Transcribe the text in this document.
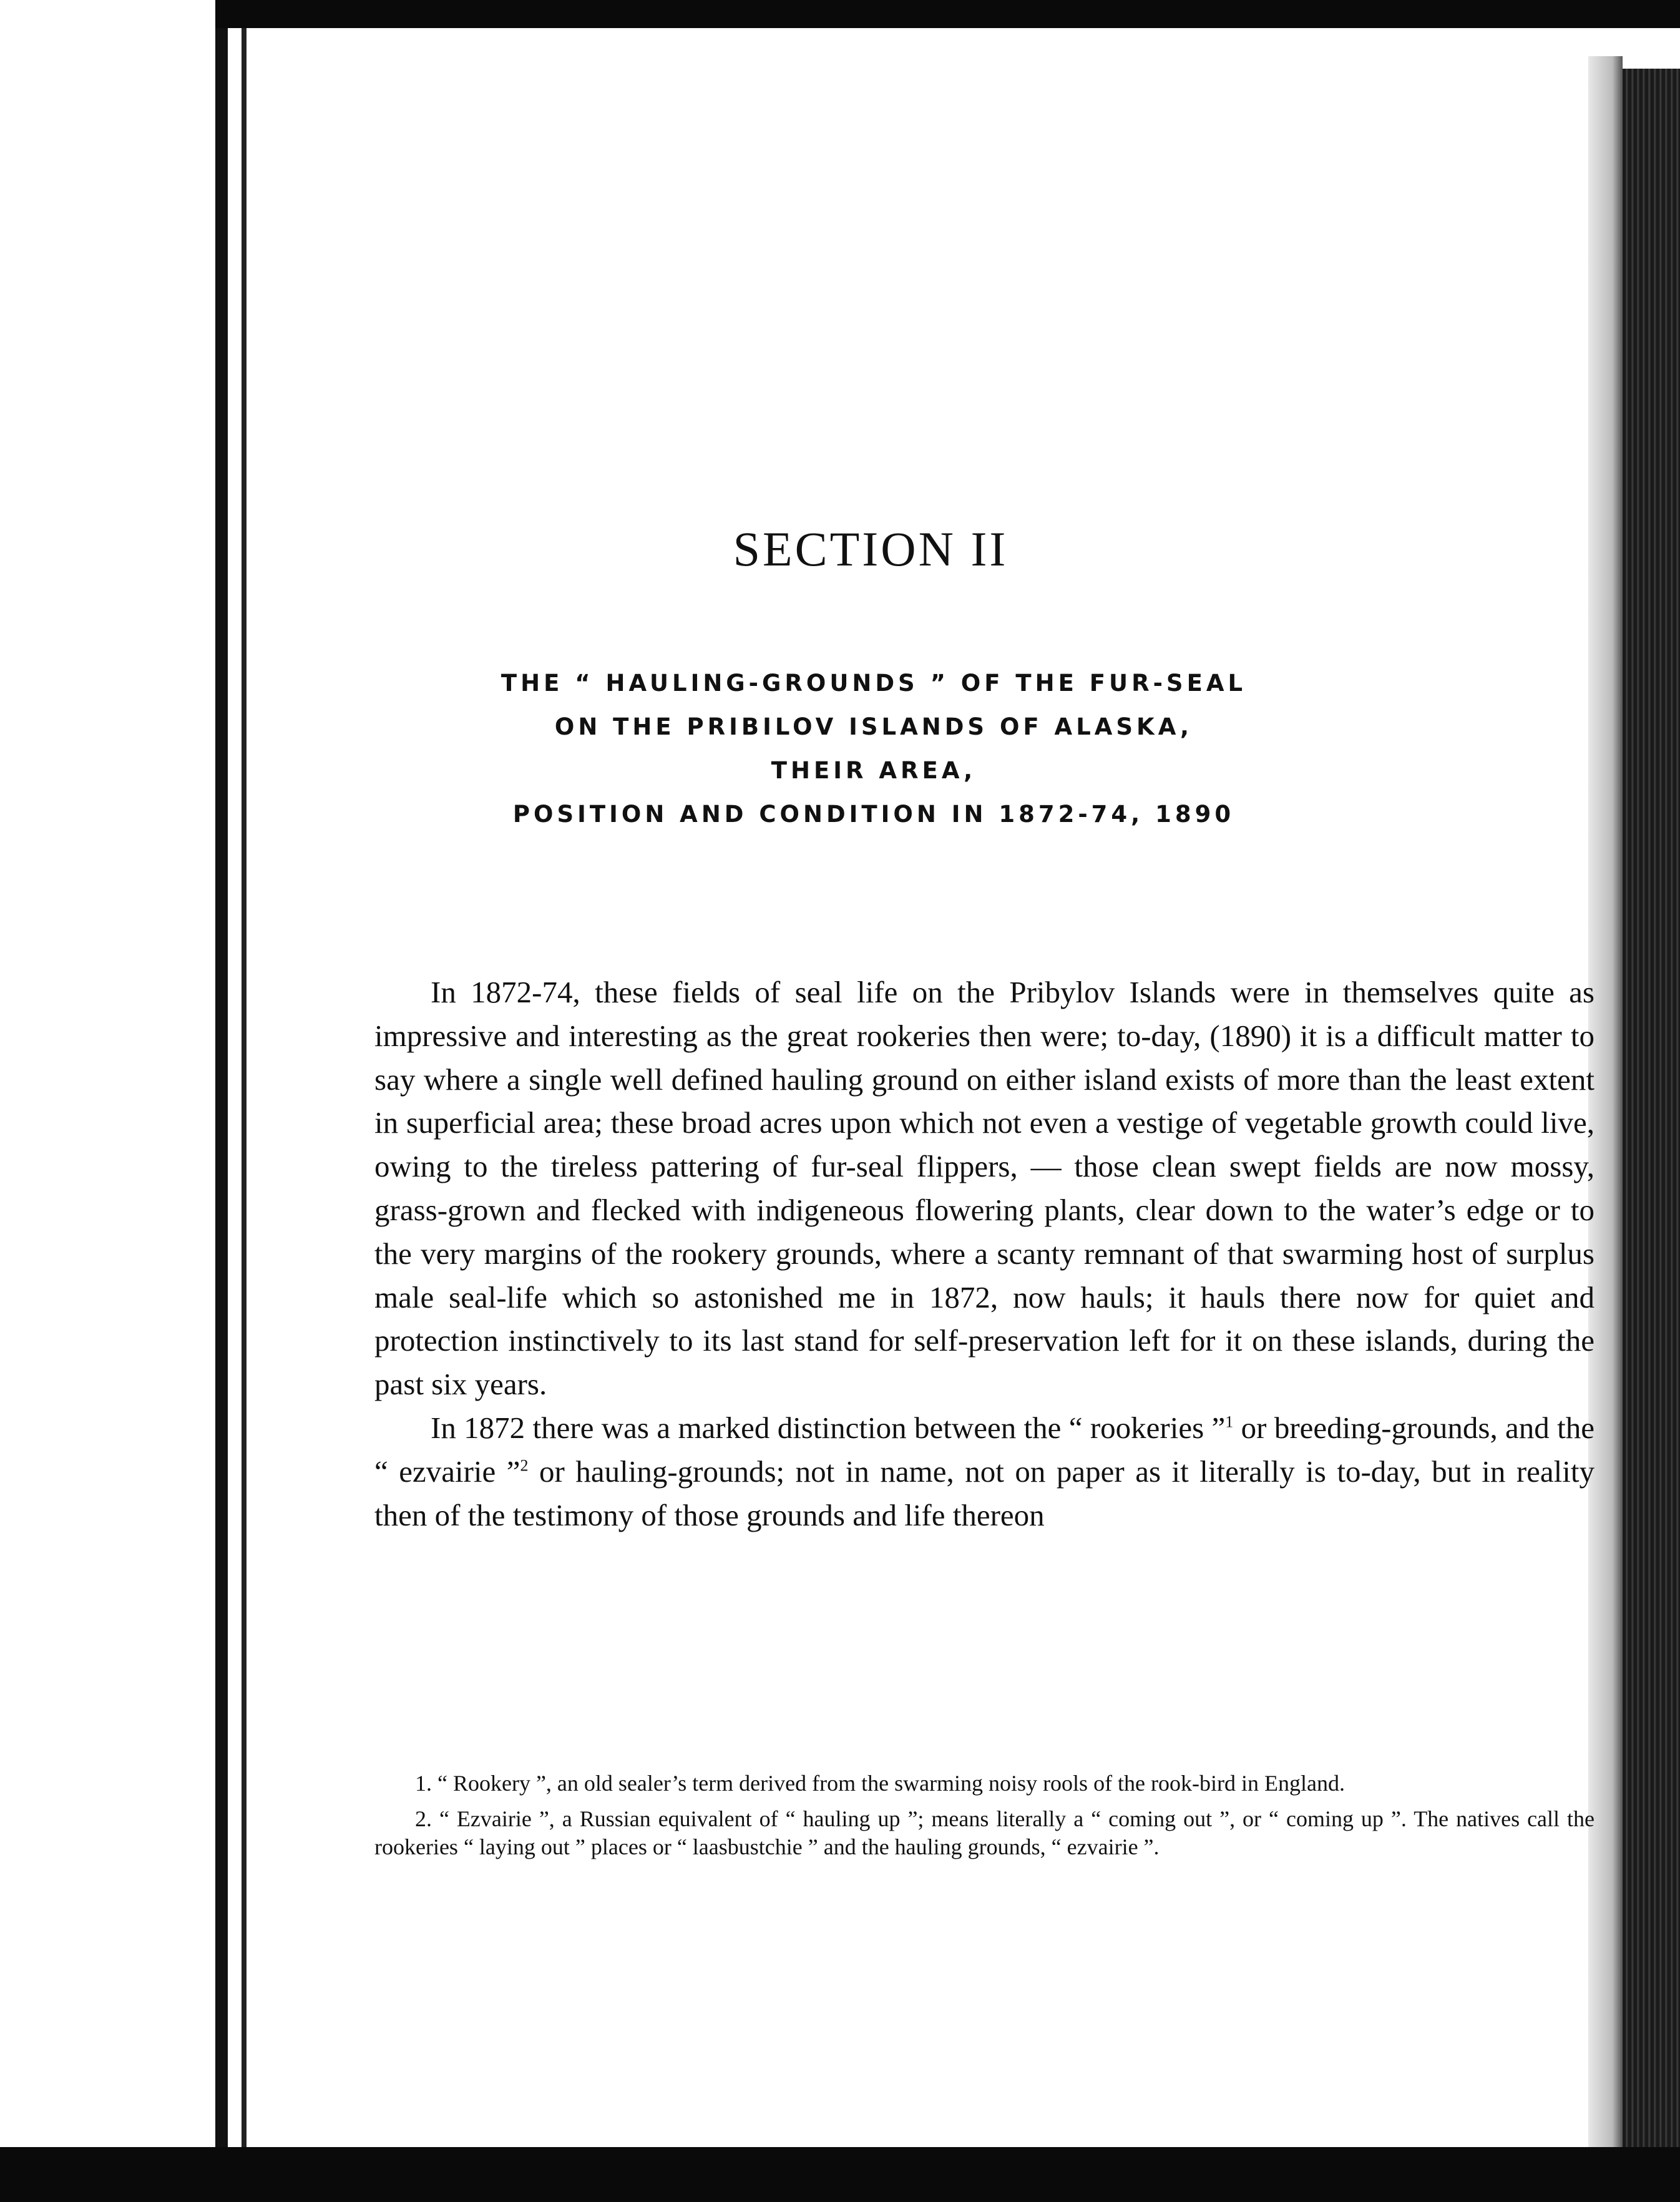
SECTION II
THE “ HAULING-GROUNDS ” OF THE FUR-SEAL
ON THE PRIBILOV ISLANDS OF ALASKA,
THEIR AREA,
POSITION AND CONDITION IN 1872-74, 1890

In 1872-74, these fields of seal life on the Pribylov Islands were in themselves quite as impressive and interesting as the great rookeries then were; to-day, (1890) it is a difficult matter to say where a single well defined hauling ground on either island exists of more than the least extent in superficial area; these broad acres upon which not even a vestige of vegetable growth could live, owing to the tireless pattering of fur-seal flippers, — those clean swept fields are now mossy, grass-grown and flecked with indigeneous flowering plants, clear down to the water’s edge or to the very margins of the rookery grounds, where a scanty remnant of that swarming host of surplus male seal-life which so astonished me in 1872, now hauls; it hauls there now for quiet and protection instinctively to its last stand for self-preservation left for it on these islands, during the past six years.

In 1872 there was a marked distinction between the “ rookeries ”$^1$ or breeding-grounds, and the “ ezvairie ”$^2$ or hauling-grounds; not in name, not on paper as it literally is to-day, but in reality then of the testimony of those grounds and life thereon

1. “ Rookery ”, an old sealer’s term derived from the swarming noisy rools of the rook-bird in England.

2. “ Ezvairie ”, a Russian equivalent of “ hauling up ”; means literally a “ coming out ”, or “ coming up ”. The natives call the rookeries “ laying out ” places or “ laasbustchie ” and the hauling grounds, “ ezvairie ”.
